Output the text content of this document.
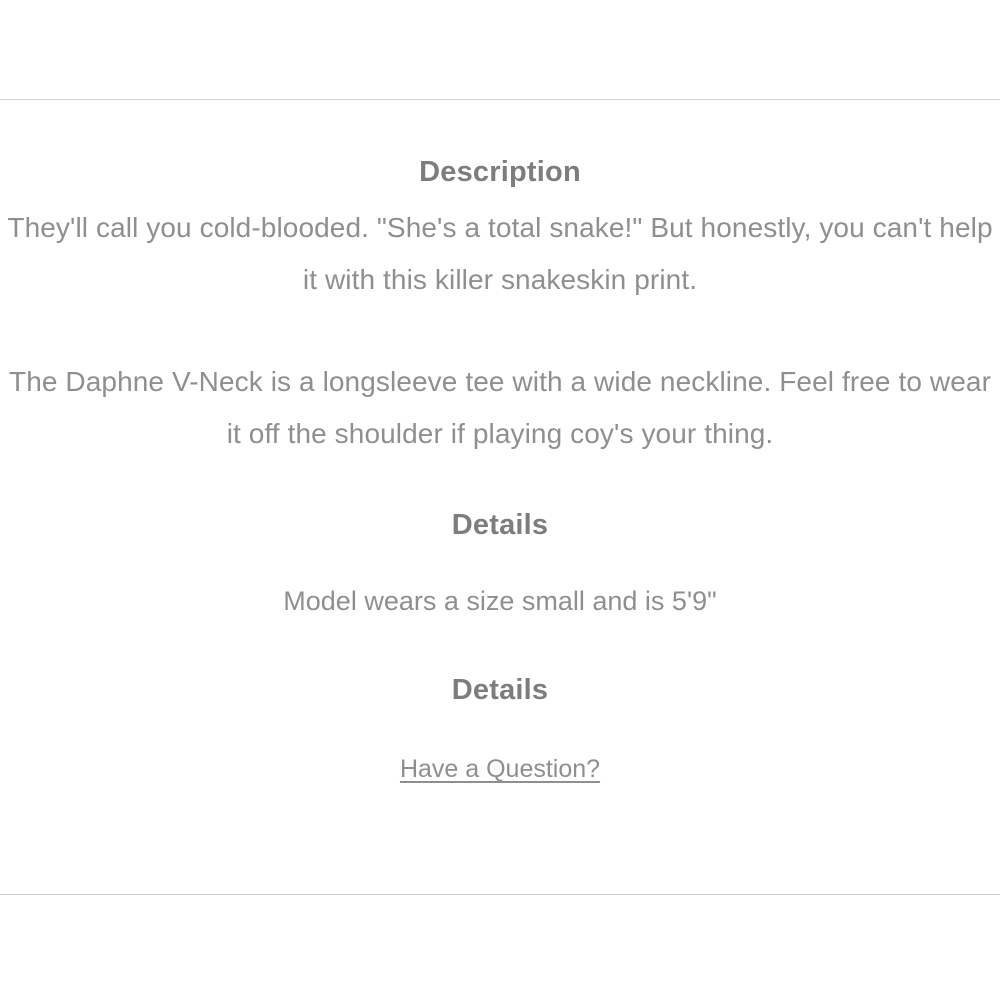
Description
They'll call you cold-blooded. "She's a total snake!" But honestly, you can't help it with this killer snakeskin print.
The Daphne V-Neck is a longsleeve tee with a wide neckline. Feel free to wear it off the shoulder if playing coy's your thing.
Details
Model wears a size small and is 5'9"
Details
Have a Question?
